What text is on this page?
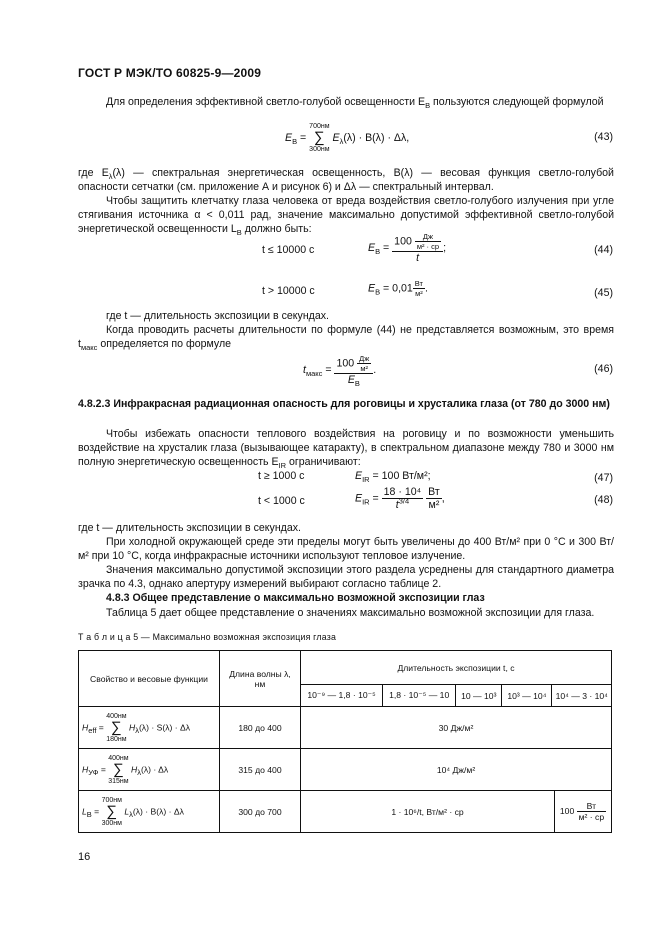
ГОСТ Р МЭК/ТО 60825-9—2009
Для определения эффективной светло-голубой освещенности $E_B$ пользуются следующей формулой
$E_B$ =
700нм
∑
300нм
$E_\lambda(\lambda) \cdot B(\lambda) \cdot \Delta\lambda$,	(43)
где $E_\lambda(\lambda)$ — спектральная энергетическая освещенность, B(λ) — весовая функция светло-голубой опасности сетчатки (см. приложение А и рисунок 6) и Δλ — спектральный интервал.
Чтобы защитить клетчатку глаза человека от вреда воздействия светло-голубого излучения при угле стягивания источника α < 0,011 рад, значение максимально допустимой эффективной светло-голубой энергетической освещенности $L_B$ должно быть:
t ≤ 10000 с	$E_B = \frac{100 \frac{Дж}{\text{м² · ср}}}{t}$ ;	(44)
t > 10000 с	$E_B = 0,01 \frac{Вт}{\text{м²}}$ .	(45)
где t — длительность экспозиции в секундах.
Когда проводить расчеты длительности по формуле (44) не представляется возможным, это время $t_{макс}$ определяется по формуле
$t_{макс} = \frac{100 \frac{Дж}{\text{м²}}}{E_B}$ .	(46)
4.8.2.3 Инфракрасная радиационная опасность для роговицы и хрусталика глаза (от 780 до 3000 нм)
Чтобы избежать опасности теплового воздействия на роговицу и по возможности уменьшить воздействие на хрусталик глаза (вызывающее катаракту), в спектральном диапазоне между 780 и 3000 нм полную энергетическую освещенность $E_{IR}$ ограничивают:
t ≥ 1000 с	$E_{IR} = 100$ Вт/м²;	(47)
t < 1000 с	$E_{IR} = \frac{\text{18 · 10⁴}}{t^{3/4}}$
$\frac{Вт}{\text{м²}}$ ,	(48)
где t — длительность экспозиции в секундах.
При холодной окружающей среде эти пределы могут быть увеличены до 400 Вт/м² при 0 °С и 300 Вт/м² при 10 °С, когда инфракрасные источники используют тепловое излучение.
Значения максимально допустимой экспозиции этого раздела усреднены для стандартного диаметра зрачка по 4.3, однако апертуру измерений выбирают согласно таблице 2.
4.8.3 Общее представление о максимально возможной экспозиции глаз
Таблица 5 дает общее представление о значениях максимально возможной экспозиции для глаза.
Т а б л и ц а 5 — Максимально возможная экспозиция глаза
Свойство и весовые функции	Длина волны λ, нм	Длительность экспозиции t, с					
		10⁻⁹ — 1,8 · 10⁻⁵	1,8 · 10⁻⁵ — 10	10 — 10³	10³ — 10⁴	10⁴ — 3 · 10⁴	
$H_{eff}$ =
400нм
∑
180нм
$H_\lambda(\lambda) \cdot S(\lambda) \cdot \Delta\lambda$	180 до 400	30 Дж/м²					
$H_{УФ}$ =
400нм
∑
315нм
$H_\lambda(\lambda) \cdot \Delta\lambda$	315 до 400	10⁴ Дж/м²					
$L_B$ =
700нм
∑
300нм
$L_\lambda(\lambda) \cdot B(\lambda) \cdot \Delta\lambda$	300 до 700	1 · 10⁶/t, Вт/м² · ср					$100 \frac{Вт}{\text{м² · ср}}$
16
